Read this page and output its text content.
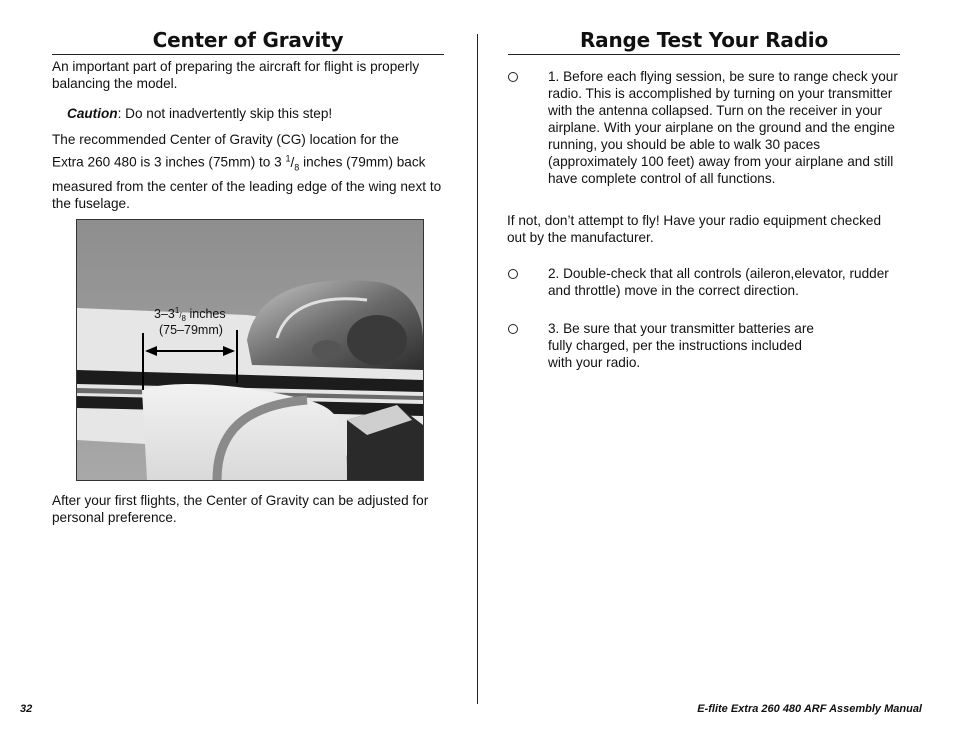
Center of Gravity

An important part of preparing the aircraft for flight is properly balancing the model.

Caution: Do not inadvertently skip this step!

The recommended Center of Gravity (CG) location for the
Extra 260 480 is 3 inches (75mm) to 3 $^1/_8$ inches (79mm) back
measured from the center of the leading edge of the wing next to the fuselage.

After your first flights, the Center of Gravity can be adjusted for personal preference.

$3-3^1_{/8}$ inches
(75–79mm)
Range Test Your Radio

1. Before each flying session, be sure to range check your radio. This is accomplished by turning on your transmitter with the antenna collapsed. Turn on the receiver in your airplane. With your airplane on the ground and the engine running, you should be able to walk 30 paces (approximately 100 feet) away from your airplane and still have complete control of all functions.

If not, don’t attempt to fly! Have your radio equipment checked out by the manufacturer.

2. Double-check that all controls (aileron,elevator, rudder and throttle) move in the correct direction.

3. Be sure that your transmitter batteries are
fully charged, per the instructions included
with your radio.

32	E-flite Extra 260 480 ARF Assembly Manual
